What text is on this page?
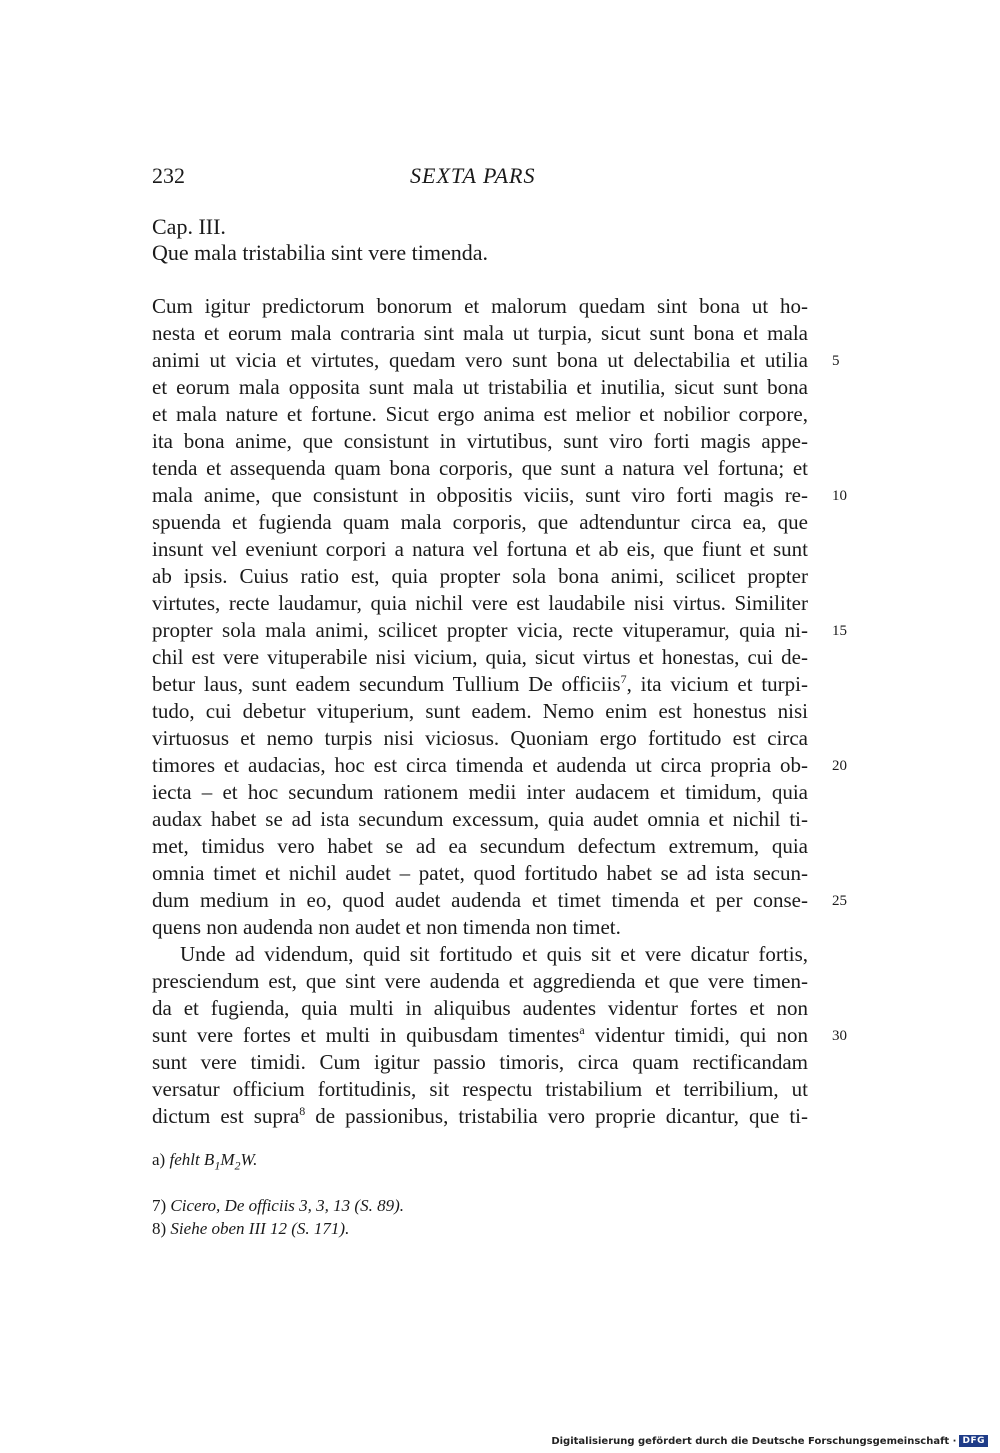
232	SEXTA PARS
Cap. III.
Que mala tristabilia sint vere timenda.
Cum igitur predictorum bonorum et malorum quedam sint bona ut ho-
nesta et eorum mala contraria sint mala ut turpia, sicut sunt bona et mala
animi ut vicia et virtutes, quedam vero sunt bona ut delectabilia et utilia
et eorum mala opposita sunt mala ut tristabilia et inutilia, sicut sunt bona
et mala nature et fortune. Sicut ergo anima est melior et nobilior corpore,
ita bona anime, que consistunt in virtutibus, sunt viro forti magis appe-
tenda et assequenda quam bona corporis, que sunt a natura vel fortuna; et
mala anime, que consistunt in obpositis viciis, sunt viro forti magis re-
spuenda et fugienda quam mala corporis, que adtenduntur circa ea, que
insunt vel eveniunt corpori a natura vel fortuna et ab eis, que fiunt et sunt
ab ipsis. Cuius ratio est, quia propter sola bona animi, scilicet propter
virtutes, recte laudamur, quia nichil vere est laudabile nisi virtus. Similiter
propter sola mala animi, scilicet propter vicia, recte vituperamur, quia ni-
chil est vere vituperabile nisi vicium, quia, sicut virtus et honestas, cui de-
betur laus, sunt eadem secundum Tullium De officiis$^7$, ita vicium et turpi-
tudo, cui debetur vituperium, sunt eadem. Nemo enim est honestus nisi
virtuosus et nemo turpis nisi viciosus. Quoniam ergo fortitudo est circa
timores et audacias, hoc est circa timenda et audenda ut circa propria ob-
iecta – et hoc secundum rationem medii inter audacem et timidum, quia
audax habet se ad ista secundum excessum, quia audet omnia et nichil ti-
met, timidus vero habet se ad ea secundum defectum extremum, quia
omnia timet et nichil audet – patet, quod fortitudo habet se ad ista secun-
dum medium in eo, quod audet audenda et timet timenda et per conse-
quens non audenda non audet et non timenda non timet.
Unde ad videndum, quid sit fortitudo et quis sit et vere dicatur fortis,
presciendum est, que sint vere audenda et aggredienda et que vere timen-
da et fugienda, quia multi in aliquibus audentes videntur fortes et non
sunt vere fortes et multi in quibusdam timentes$^a$ videntur timidi, qui non
sunt vere timidi. Cum igitur passio timoris, circa quam rectificandam
versatur officium fortitudinis, sit respectu tristabilium et terribilium, ut
dictum est supra$^8$ de passionibus, tristabilia vero proprie dicantur, que ti-
5
10
15
20
25
30
a) fehlt $B_1M_2W$.
7) Cicero, De officiis 3, 3, 13 (S. 89).
8) Siehe oben III 12 (S. 171).
Digitalisierung gefördert durch die Deutsche Forschungsgemeinschaft · DFG
